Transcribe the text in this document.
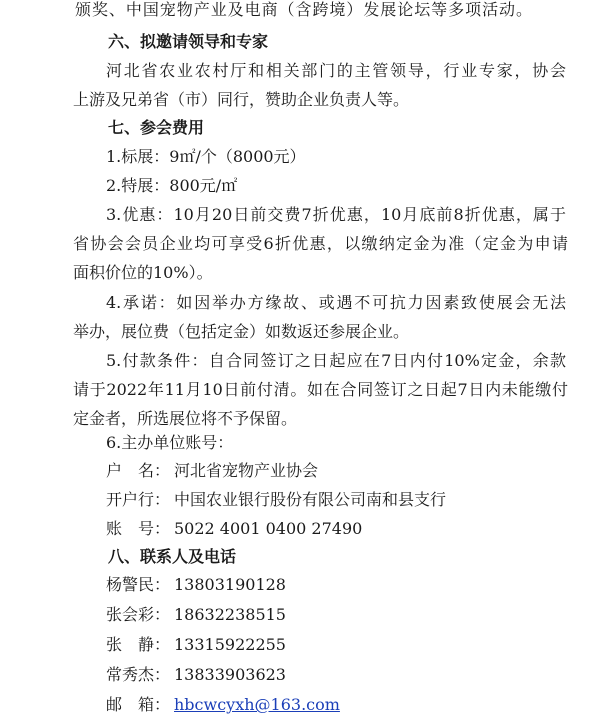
颁奖、中国宠物产业及电商（含跨境）发展论坛等多项活动。
六、拟邀请领导和专家
河北省农业农村厅和相关部门的主管领导，行业专家，协会
上游及兄弟省（市）同行，赞助企业负责人等。
七、参会费用
1.标展：9㎡/个（8000元）
2.特展：800元/㎡
3.优惠：10月20日前交费7折优惠，10月底前8折优惠，属于
省协会会员企业均可享受6折优惠，以缴纳定金为准（定金为申请
面积价位的10%）。
4.承诺：如因举办方缘故、或遇不可抗力因素致使展会无法
举办，展位费（包括定金）如数返还参展企业。
5.付款条件：自合同签订之日起应在7日内付10%定金，余款
请于2022年11月10日前付清。如在合同签订之日起7日内未能缴付
定金者，所选展位将不予保留。
6.主办单位账号：
户　名： 河北省宠物产业协会
开户行： 中国农业银行股份有限公司南和县支行
账　号： 5022 4001 0400 27490
八、联系人及电话
杨警民： 13803190128
张会彩： 18632238515
张　静： 13315922255
常秀杰： 13833903623
邮　箱： hbcwcyxh@163.com
